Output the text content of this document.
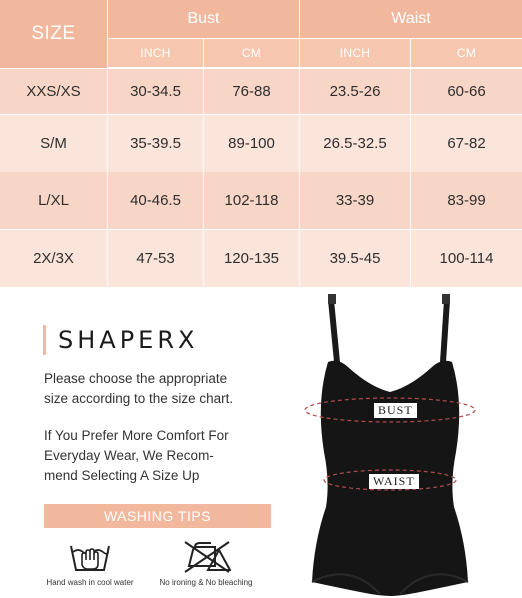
SIZE
Bust	Waist
INCH	CM	INCH	CM
XXS/XS	30-34.5	76-88	23.5-26	60-66
S/M	35-39.5	89-100	26.5-32.5	67-82
L/XL	40-46.5	102-118	33-39	83-99
2X/3X	47-53	120-135	39.5-45	100-114
SHAPERX
Please choose the appropriate
size according to the size chart.
If You Prefer More Comfort For
Everyday Wear, We Recom-
mend Selecting A Size Up
WASHING TIPS
Hand wash in cool water	No ironing & No bleaching
BUST
WAIST
